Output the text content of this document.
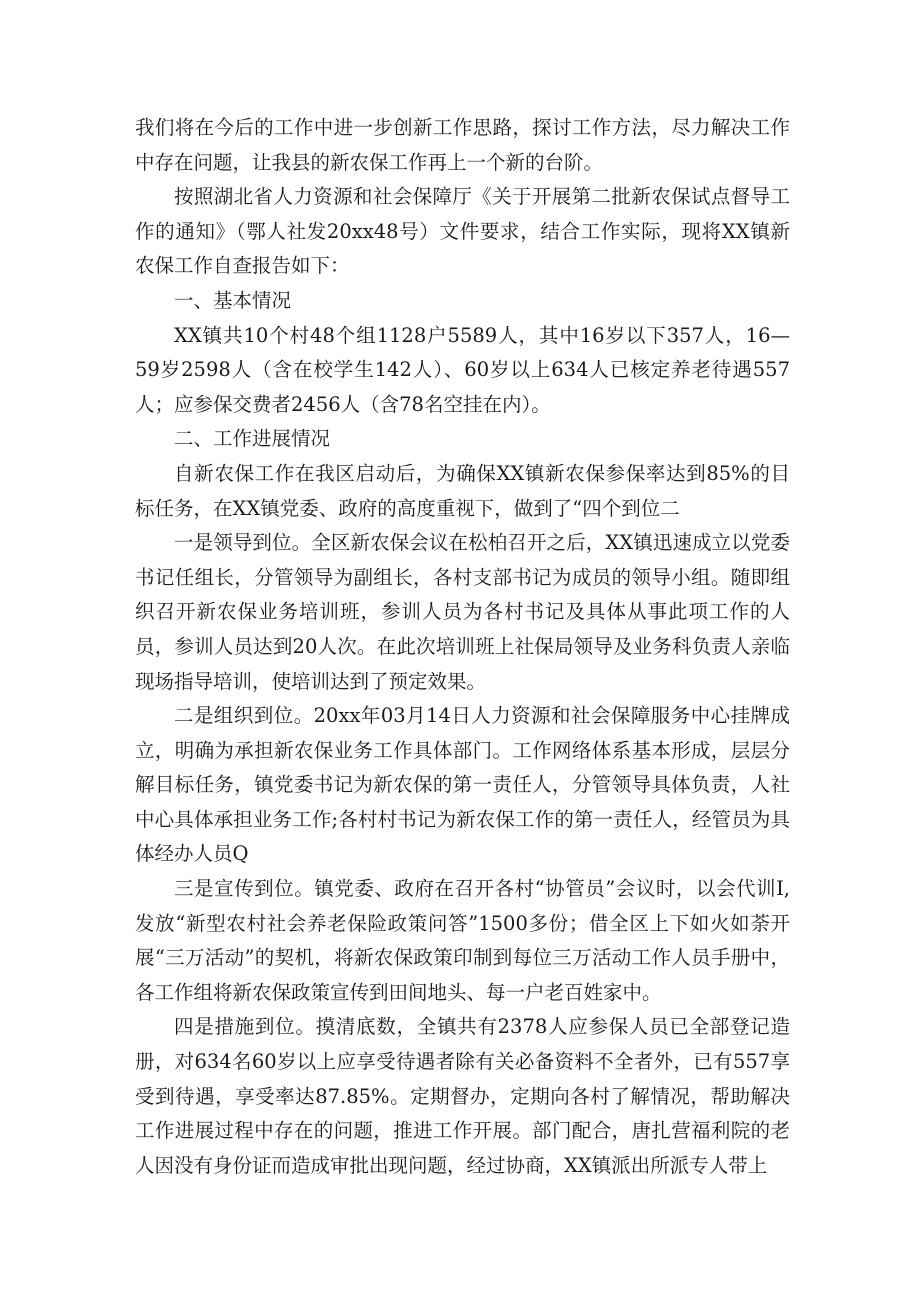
我们将在今后的工作中进一步创新工作思路，探讨工作方法，尽力解决工作中存在问题，让我县的新农保工作再上一个新的台阶。

按照湖北省人力资源和社会保障厅《关于开展第二批新农保试点督导工作的通知》（鄂人社发20xx48号）文件要求，结合工作实际，现将XX镇新农保工作自查报告如下：

一、基本情况

XX镇共10个村48个组1128户5589人，其中16岁以下357人，16—59岁2598人（含在校学生142人）、60岁以上634人已核定养老待遇557人；应参保交费者2456人（含78名空挂在内）。

二、工作进展情况

自新农保工作在我区启动后，为确保XX镇新农保参保率达到85%的目标任务，在XX镇党委、政府的高度重视下，做到了“四个到位二

一是领导到位。全区新农保会议在松柏召开之后，XX镇迅速成立以党委书记任组长，分管领导为副组长，各村支部书记为成员的领导小组。随即组织召开新农保业务培训班，参训人员为各村书记及具体从事此项工作的人员，参训人员达到20人次。在此次培训班上社保局领导及业务科负责人亲临现场指导培训，使培训达到了预定效果。

二是组织到位。20xx年03月14日人力资源和社会保障服务中心挂牌成立，明确为承担新农保业务工作具体部门。工作网络体系基本形成，层层分解目标任务，镇党委书记为新农保的第一责任人，分管领导具体负责，人社中心具体承担业务工作;各村村书记为新农保工作的第一责任人，经管员为具体经办人员Q

三是宣传到位。镇党委、政府在召开各村“协管员”会议时，以会代训I,发放“新型农村社会养老保险政策问答”1500多份；借全区上下如火如荼开展“三万活动”的契机，将新农保政策印制到每位三万活动工作人员手册中，各工作组将新农保政策宣传到田间地头、每一户老百姓家中。

四是措施到位。摸清底数，全镇共有2378人应参保人员已全部登记造册，对634名60岁以上应享受待遇者除有关必备资料不全者外，已有557享受到待遇，享受率达87.85%。定期督办，定期向各村了解情况，帮助解决工作进展过程中存在的问题，推进工作开展。部门配合，唐扎营福利院的老人因没有身份证而造成审批出现问题，经过协商，XX镇派出所派专人带上
